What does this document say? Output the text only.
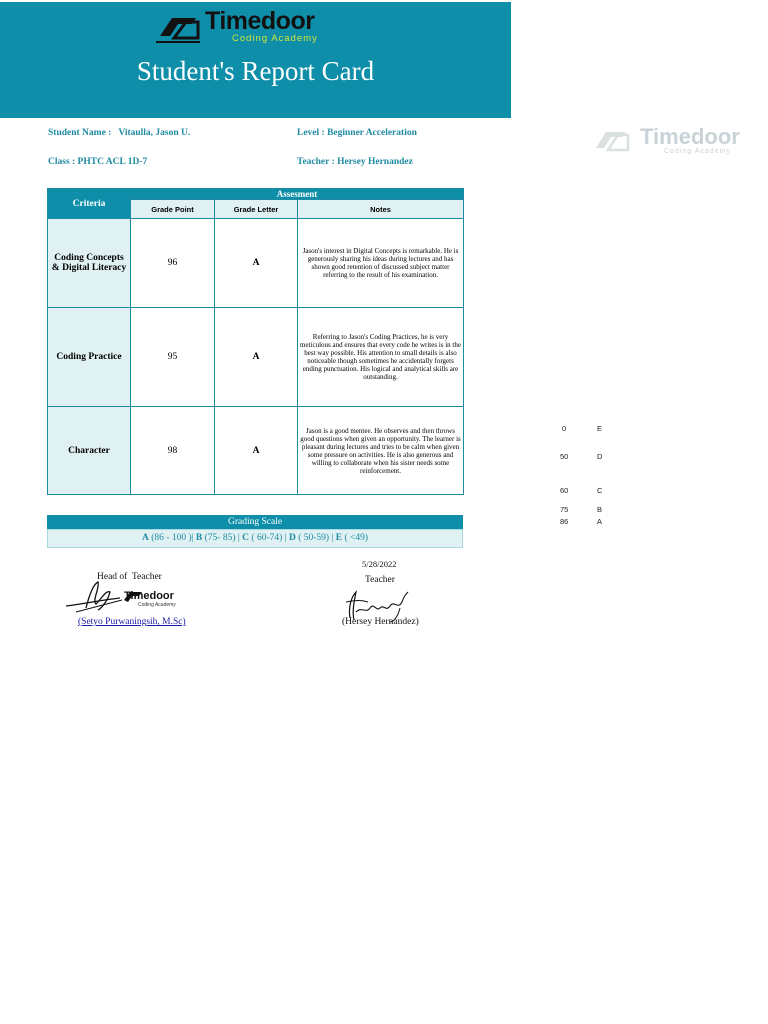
Timedoor
Coding Academy
Student's Report Card
Timedoor
Coding Academy
Student Name : Vitaulla, Jason U.	Level : Beginner Acceleration
Class : PHTC ACL 1D-7	Teacher : Hersey Hernandez
Criteria	Assesment		
	Grade Point	Grade Letter	Notes
Coding Concepts & Digital Literacy	96	A	Jason's interest in Digital Concepts is remarkable. He is generously sharing his ideas during lectures and has shown good retention of discussed subject matter referring to the result of his examination.
Coding Practice	95	A	Referring to Jason's Coding Practices, he is very meticulous and ensures that every code he writes is in the best way possible. His attention to small details is also noticeable though sometimes he accidentally forgets ending punctuation. His logical and analytical skills are outstanding.
Character	98	A	Jason is a good mentee. He observes and then throws good questions when given an opportunity. The learner is pleasant during lectures and tries to be calm when given some pressure on activities. He is also generous and willing to collaborate when his sister needs some reinforcement.
Grading Scale
A (86 - 100 )| B (75- 85) | C ( 60-74) | D ( 50-59) | E ( <49)
Head of  Teacher
Timedoor
Coding Academy
(Setyo Purwaningsih, M.Sc)
5/28/2022
Teacher
(Hersey Hernandez)
0	E
50	D
60	C
75	B
86	A
